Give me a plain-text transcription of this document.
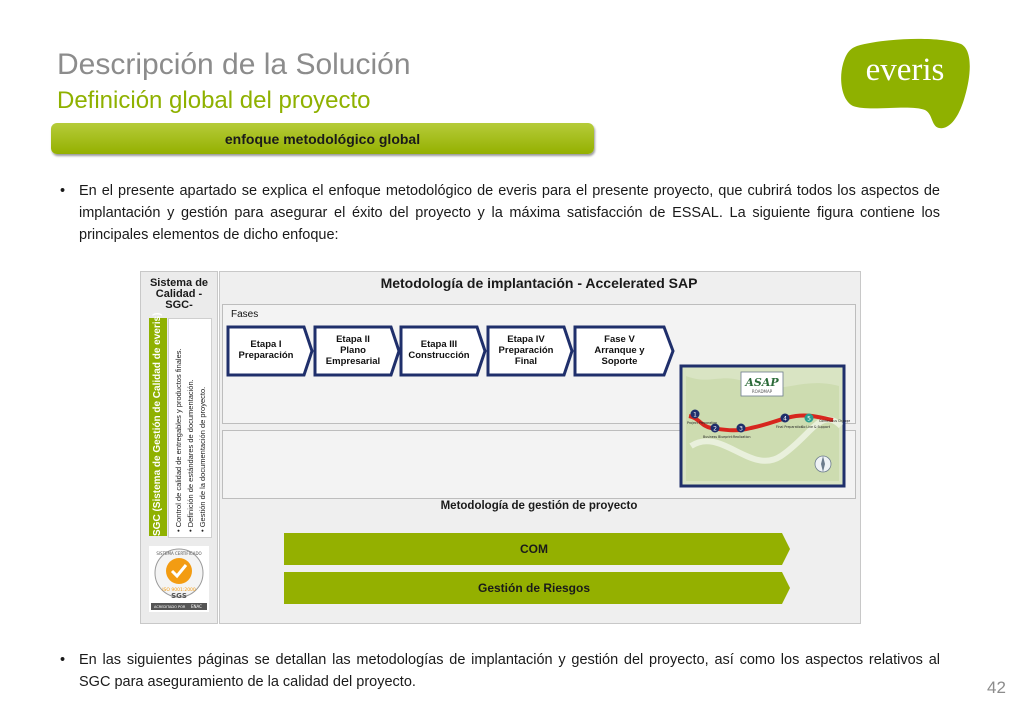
Descripción de la Solución
Definición global del proyecto
everis
enfoque metodológico global
• En el presente apartado se explica el enfoque metodológico de everis para el presente proyecto, que cubrirá todos los aspectos de implantación y gestión para asegurar el éxito del proyecto y la máxima satisfacción de ESSAL. La siguiente figura contiene los principales elementos de dicho enfoque:
Sistema de
Calidad -
SGC-
SGC (Sistema de Gestión de Calidad de everis)	• Control de calidad de entregables y productos finales.
• Definición de estándares de documentación.
• Gestión de la documentación de proyecto.
SISTEMA CERTIFICADO
ISO 9001:2000
SGS
ACREDITADO POR ENAC
Metodología de implantación - Accelerated SAP
Fases
Etapa I
Preparación
Etapa II
Plano
Empresarial
Etapa III
Construcción
Etapa IV
Preparación
Final
Fase V
Arranque y
Soporte
ASAP
ROADMAP
1
2	3
4	5
Project Preparation
Business Blueprint Realization
Final Preparation
Go Live & Support
Continuous Change
Metodología de gestión de proyecto
COM
Gestión de Riesgos
• En las siguientes páginas se detallan las metodologías de implantación y gestión del proyecto, así como los aspectos relativos al SGC para aseguramiento de la calidad del proyecto.	42
